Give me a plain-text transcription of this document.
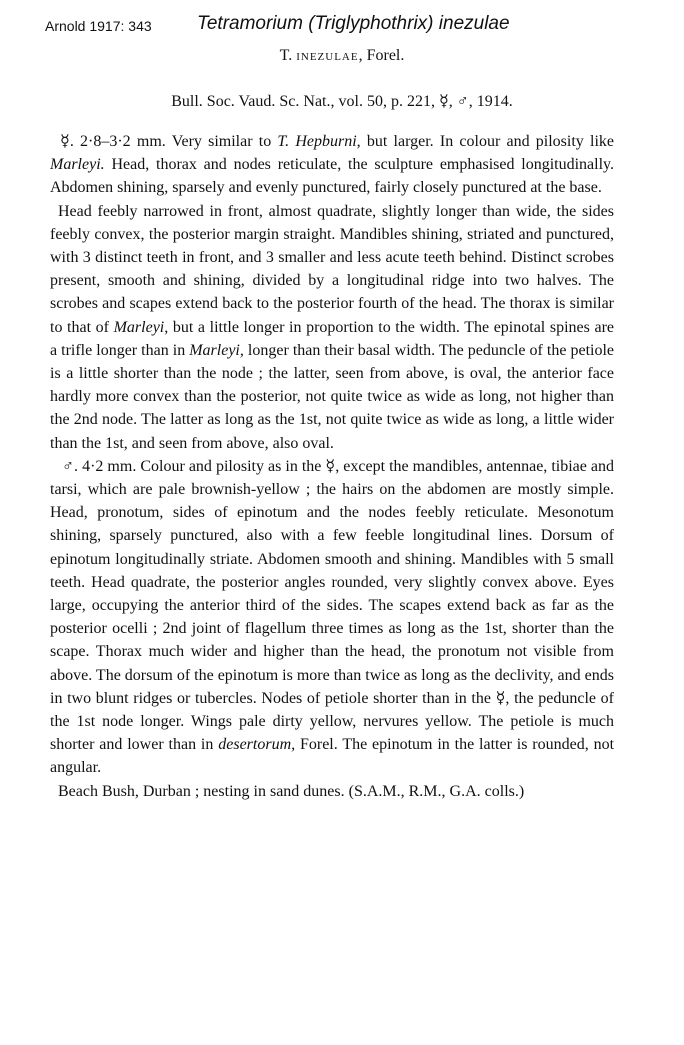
Arnold 1917: 343 Tetramorium (Triglyphothrix) inezulae
T. inezulae, Forel.
Bull. Soc. Vaud. Sc. Nat., vol. 50, p. 221, ☿, ♂, 1914.

☿. 2·8–3·2 mm. Very similar to T. Hepburni, but larger. In colour and pilosity like Marleyi. Head, thorax and nodes reticulate, the sculpture emphasised longitudinally. Abdomen shining, sparsely and evenly punctured, fairly closely punctured at the base.

Head feebly narrowed in front, almost quadrate, slightly longer than wide, the sides feebly convex, the posterior margin straight. Mandibles shining, striated and punctured, with 3 distinct teeth in front, and 3 smaller and less acute teeth behind. Distinct scrobes present, smooth and shining, divided by a longitudinal ridge into two halves. The scrobes and scapes extend back to the posterior fourth of the head. The thorax is similar to that of Marleyi, but a little longer in proportion to the width. The epinotal spines are a trifle longer than in Marleyi, longer than their basal width. The peduncle of the petiole is a little shorter than the node ; the latter, seen from above, is oval, the anterior face hardly more convex than the posterior, not quite twice as wide as long, not higher than the 2nd node. The latter as long as the 1st, not quite twice as wide as long, a little wider than the 1st, and seen from above, also oval.

♂. 4·2 mm. Colour and pilosity as in the ☿, except the mandibles, antennae, tibiae and tarsi, which are pale brownish-yellow ; the hairs on the abdomen are mostly simple. Head, pronotum, sides of epinotum and the nodes feebly reticulate. Mesonotum shining, sparsely punctured, also with a few feeble longitudinal lines. Dorsum of epinotum longitudinally striate. Abdomen smooth and shining. Mandibles with 5 small teeth. Head quadrate, the posterior angles rounded, very slightly convex above. Eyes large, occupying the anterior third of the sides. The scapes extend back as far as the posterior ocelli ; 2nd joint of flagellum three times as long as the 1st, shorter than the scape. Thorax much wider and higher than the head, the pronotum not visible from above. The dorsum of the epinotum is more than twice as long as the declivity, and ends in two blunt ridges or tubercles. Nodes of petiole shorter than in the ☿, the peduncle of the 1st node longer. Wings pale dirty yellow, nervures yellow. The petiole is much shorter and lower than in desertorum, Forel. The epinotum in the latter is rounded, not angular.

Beach Bush, Durban ; nesting in sand dunes. (S.A.M., R.M., G.A. colls.)
